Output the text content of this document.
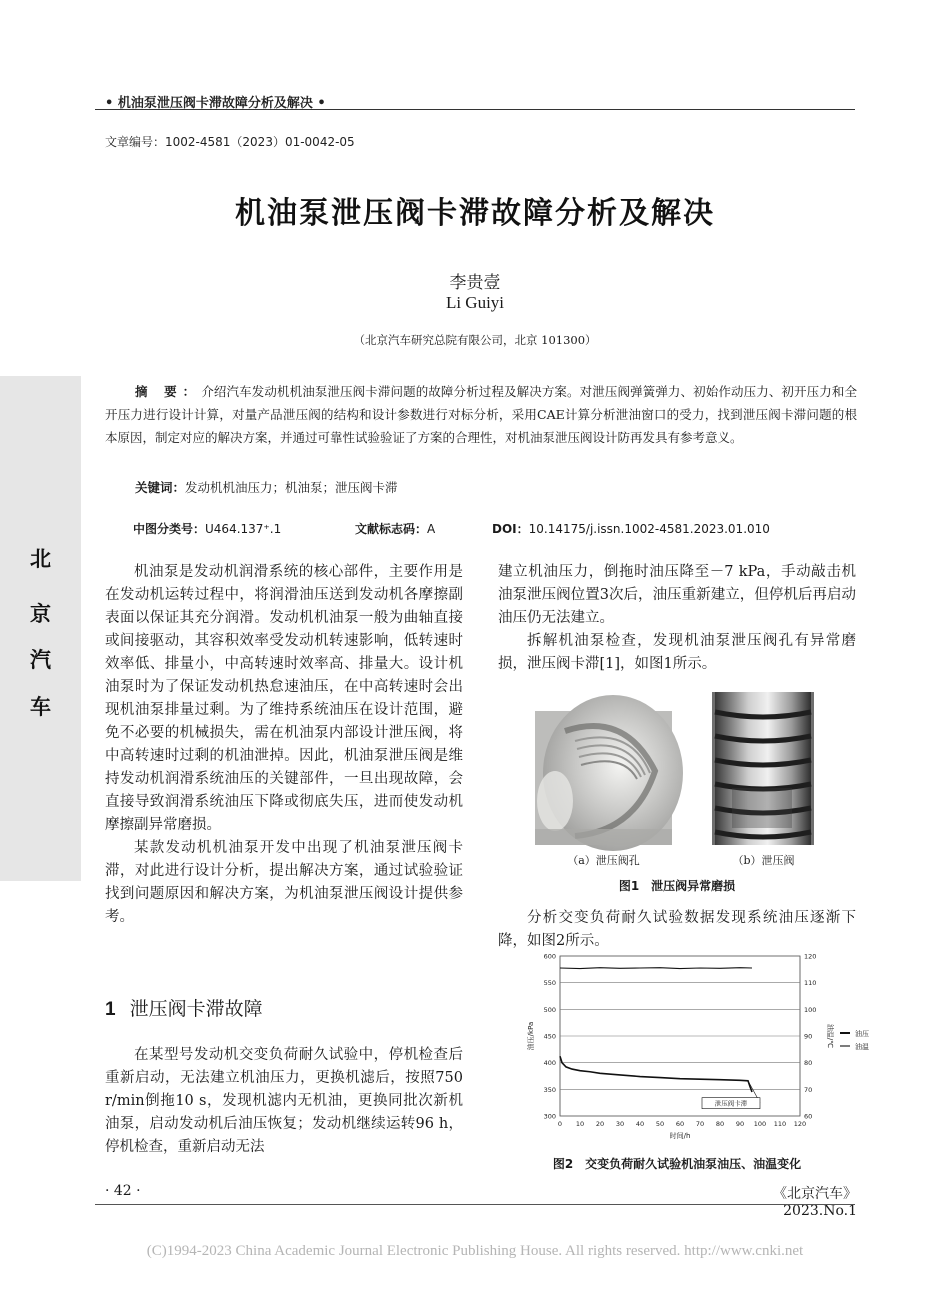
• 机油泵泄压阀卡滞故障分析及解决 •
文章编号：1002-4581（2023）01-0042-05
机油泵泄压阀卡滞故障分析及解决
李贵壹
Li Guiyi
（北京汽车研究总院有限公司，北京 101300）
北
京
汽
车

摘 要：介绍汽车发动机机油泵泄压阀卡滞问题的故障分析过程及解决方案。对泄压阀弹簧弹力、初始作动压力、初开压力和全开压力进行设计计算，对量产品泄压阀的结构和设计参数进行对标分析，采用CAE计算分析泄油窗口的受力，找到泄压阀卡滞问题的根本原因，制定对应的解决方案，并通过可靠性试验验证了方案的合理性，对机油泵泄压阀设计防再发具有参考意义。

关键词：发动机机油压力；机油泵；泄压阀卡滞
中图分类号：U464.137⁺.1	文献标志码：A	DOI：10.14175/j.issn.1002-4581.2023.01.010

机油泵是发动机润滑系统的核心部件，主要作用是在发动机运转过程中，将润滑油压送到发动机各摩擦副表面以保证其充分润滑。发动机机油泵一般为曲轴直接或间接驱动，其容积效率受发动机转速影响，低转速时效率低、排量小，中高转速时效率高、排量大。设计机油泵时为了保证发动机热怠速油压，在中高转速时会出现机油泵排量过剩。为了维持系统油压在设计范围，避免不必要的机械损失，需在机油泵内部设计泄压阀，将中高转速时过剩的机油泄掉。因此，机油泵泄压阀是维持发动机润滑系统油压的关键部件，一旦出现故障，会直接导致润滑系统油压下降或彻底失压，进而使发动机摩擦副异常磨损。

某款发动机机油泵开发中出现了机油泵泄压阀卡滞，对此进行设计分析，提出解决方案，通过试验验证找到问题原因和解决方案，为机油泵泄压阀设计提供参考。

1 泄压阀卡滞故障

在某型号发动机交变负荷耐久试验中，停机检查后重新启动，无法建立机油压力，更换机滤后，按照750 r/min倒拖10 s，发现机滤内无机油，更换同批次新机油泵，启动发动机后油压恢复；发动机继续运转96 h，停机检查，重新启动无法

建立机油压力，倒拖时油压降至－7 kPa，手动敲击机油泵泄压阀位置3次后，油压重新建立，但停机后再启动油压仍无法建立。

拆解机油泵检查，发现机油泵泄压阀孔有异常磨损，泄压阀卡滞[1]，如图1所示。

（a）泄压阀孔	（b）泄压阀
图1　泄压阀异常磨损

分析交变负荷耐久试验数据发现系统油压逐渐下降，如图2所示。

300
350
400
450
500
550
600
60
70
80
90
100
110
120
0 10 20 30 40 50 60 70 80 90 100 110 120
时间/h
油压/kPa	油温/℃
泄压阀卡滞
油压
油温
图2　交变负荷耐久试验机油泵油压、油温变化
· 42 ·	《北京汽车》2023.No.1
(C)1994-2023 China Academic Journal Electronic Publishing House. All rights reserved. http://www.cnki.net
